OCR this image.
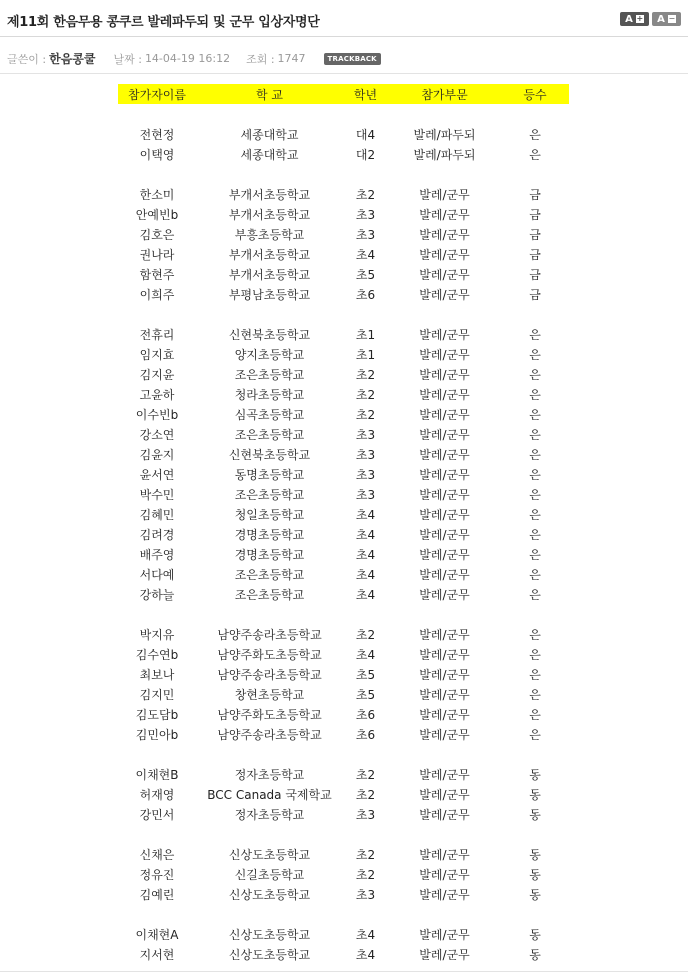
제11회 한음무용 콩쿠르 발레파두되 및 군무 입상자명단	A + A −
글쓴이 : 한음콩쿨 날짜 : 14-04-19 16:12 조회 : 1747	TRACKBACK
참가자이름	학 교	학년	참가부문	등수

전현정	세종대학교	대4	발레/파두되	은
이택영	세종대학교	대2	발레/파두되	은

한소미	부개서초등학교	초2	발레/군무	금
안예빈b	부개서초등학교	초3	발레/군무	금
김호은	부흥초등학교	초3	발레/군무	금
권나라	부개서초등학교	초4	발레/군무	금
함현주	부개서초등학교	초5	발레/군무	금
이희주	부평남초등학교	초6	발레/군무	금

전휴리	신현북초등학교	초1	발레/군무	은
임지효	양지초등학교	초1	발레/군무	은
김지윤	조은초등학교	초2	발레/군무	은
고윤하	청라초등학교	초2	발레/군무	은
이수빈b	심곡초등학교	초2	발레/군무	은
강소연	조은초등학교	초3	발레/군무	은
김윤지	신현북초등학교	초3	발레/군무	은
윤서연	동명초등학교	초3	발레/군무	은
박수민	조은초등학교	초3	발레/군무	은
김혜민	청일초등학교	초4	발레/군무	은
김려경	경명초등학교	초4	발레/군무	은
배주영	경명초등학교	초4	발레/군무	은
서다예	조은초등학교	초4	발레/군무	은
강하늘	조은초등학교	초4	발레/군무	은

박지유	남양주송라초등학교	초2	발레/군무	은
김수연b	남양주화도초등학교	초4	발레/군무	은
최보나	남양주송라초등학교	초5	발레/군무	은
김지민	창현초등학교	초5	발레/군무	은
김도담b	남양주화도초등학교	초6	발레/군무	은
김민아b	남양주송라초등학교	초6	발레/군무	은

이채현B	정자초등학교	초2	발레/군무	동
허재영	BCC Canada 국제학교	초2	발레/군무	동
강민서	정자초등학교	초3	발레/군무	동

신채은	신상도초등학교	초2	발레/군무	동
정유진	신길초등학교	초2	발레/군무	동
김예린	신상도초등학교	초3	발레/군무	동

이채현A	신상도초등학교	초4	발레/군무	동
지서현	신상도초등학교	초4	발레/군무	동
